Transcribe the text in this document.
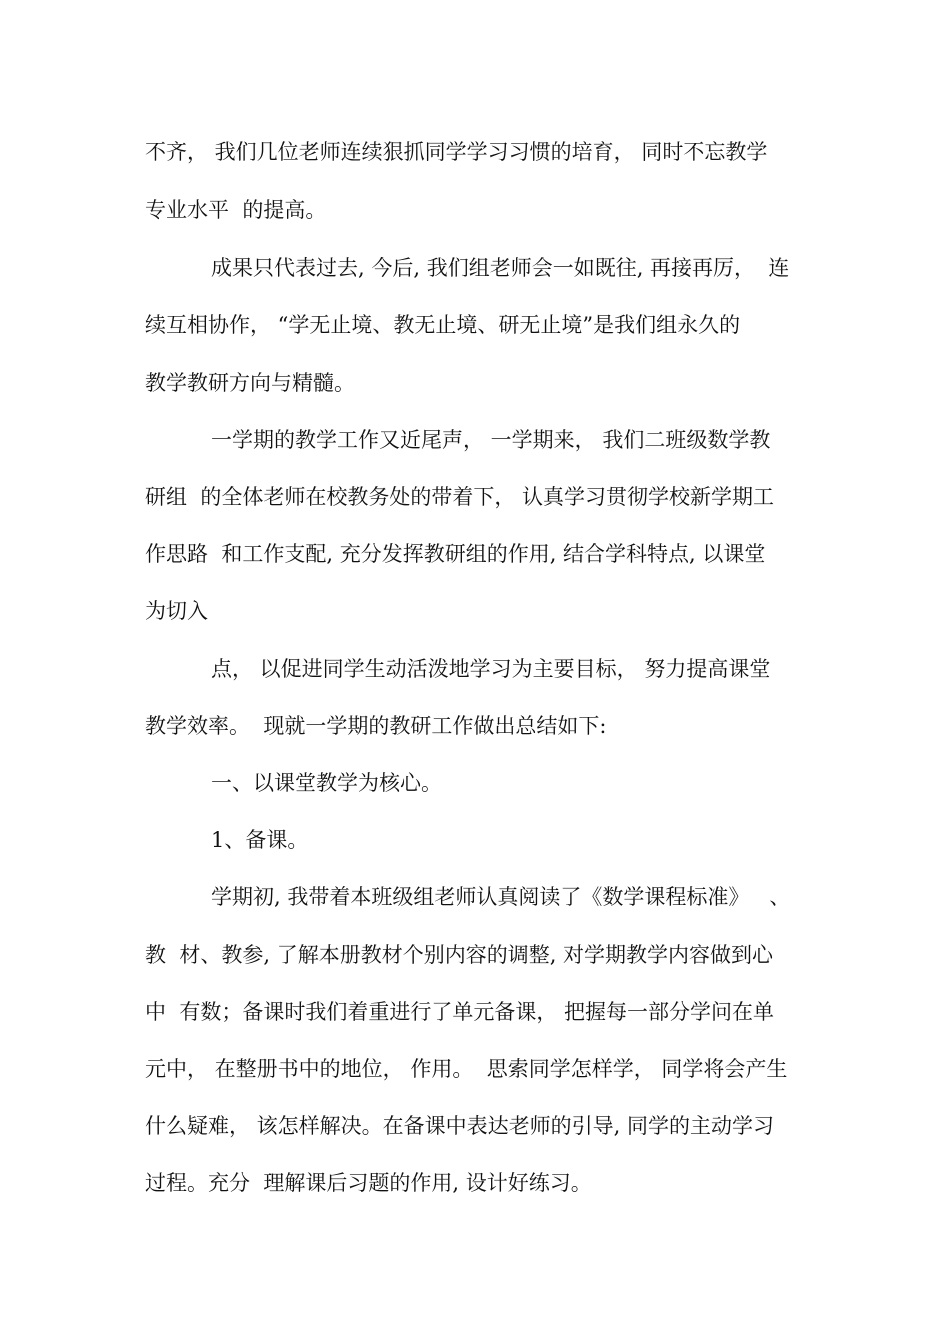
不齐， 我们几位老师连续狠抓同学学习习惯的培育， 同时不忘教学
专业水平  的提高。
成果只代表过去, 今后, 我们组老师会一如既往, 再接再厉，  连
续互相协作， “学无止境、教无止境、研无止境”是我们组永久的
教学教研方向与精髓。
一学期的教学工作又近尾声， 一学期来， 我们二班级数学教
研组  的全体老师在校教务处的带着下， 认真学习贯彻学校新学期工
作思路  和工作支配, 充分发挥教研组的作用, 结合学科特点, 以课堂
为切入
点， 以促进同学生动活泼地学习为主要目标， 努力提高课堂
教学效率。  现就一学期的教研工作做出总结如下:
一、以课堂教学为核心。
1、备课。
学期初, 我带着本班级组老师认真阅读了《数学课程标准》   、
教  材、教参, 了解本册教材个别内容的调整, 对学期教学内容做到心
中  有数；备课时我们着重进行了单元备课， 把握每一部分学问在单
元中， 在整册书中的地位， 作用。  思索同学怎样学， 同学将会产生
什么疑难， 该怎样解决。在备课中表达老师的引导, 同学的主动学习
过程。充分  理解课后习题的作用, 设计好练习。
